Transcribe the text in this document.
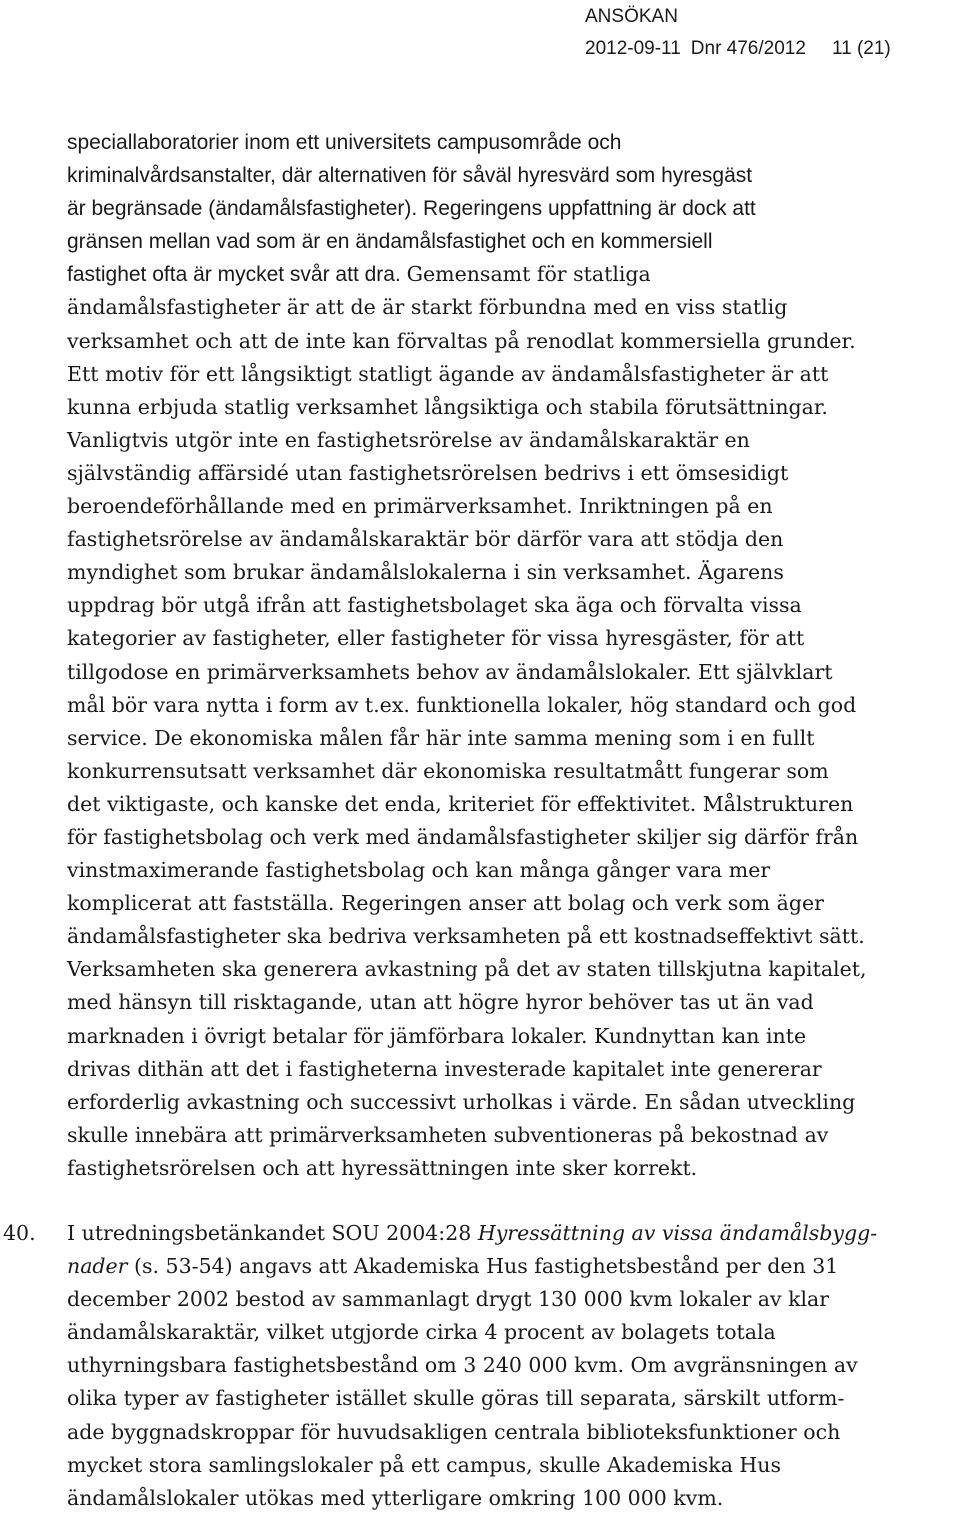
ANSÖKAN
2012-09-11 Dnr 476/2012 11 (21)

speciallaboratorier inom ett universitets campusområde och
kriminalvårdsanstalter, där alternativen för såväl hyresvärd som hyresgäst
är begränsade (ändamålsfastigheter). Regeringens uppfattning är dock att
gränsen mellan vad som är en ändamålsfastighet och en kommersiell
fastighet ofta är mycket svår att dra. Gemensamt för statliga
ändamålsfastigheter är att de är starkt förbundna med en viss statlig
verksamhet och att de inte kan förvaltas på renodlat kommersiella grunder.
Ett motiv för ett långsiktigt statligt ägande av ändamålsfastigheter är att
kunna erbjuda statlig verksamhet långsiktiga och stabila förutsättningar.
Vanligtvis utgör inte en fastighetsrörelse av ändamålskaraktär en
självständig affärsidé utan fastighetsrörelsen bedrivs i ett ömsesidigt
beroendeförhållande med en primärverksamhet. Inriktningen på en
fastighetsrörelse av ändamålskaraktär bör därför vara att stödja den
myndighet som brukar ändamålslokalerna i sin verksamhet. Ägarens
uppdrag bör utgå ifrån att fastighetsbolaget ska äga och förvalta vissa
kategorier av fastigheter, eller fastigheter för vissa hyresgäster, för att
tillgodose en primärverksamhets behov av ändamålslokaler. Ett självklart
mål bör vara nytta i form av t.ex. funktionella lokaler, hög standard och god
service. De ekonomiska målen får här inte samma mening som i en fullt
konkurrensutsatt verksamhet där ekonomiska resultatmått fungerar som
det viktigaste, och kanske det enda, kriteriet för effektivitet. Målstrukturen
för fastighetsbolag och verk med ändamålsfastigheter skiljer sig därför från
vinstmaximerande fastighetsbolag och kan många gånger vara mer
komplicerat att fastställa. Regeringen anser att bolag och verk som äger
ändamålsfastigheter ska bedriva verksamheten på ett kostnadseffektivt sätt.
Verksamheten ska generera avkastning på det av staten tillskjutna kapitalet,
med hänsyn till risktagande, utan att högre hyror behöver tas ut än vad
marknaden i övrigt betalar för jämförbara lokaler. Kundnyttan kan inte
drivas dithän att det i fastigheterna investerade kapitalet inte genererar
erforderlig avkastning och successivt urholkas i värde. En sådan utveckling
skulle innebära att primärverksamheten subventioneras på bekostnad av
fastighetsrörelsen och att hyressättningen inte sker korrekt.

40. I utredningsbetänkandet SOU 2004:28 Hyressättning av vissa ändamålsbygg-
nader (s. 53-54) angavs att Akademiska Hus fastighetsbestånd per den 31
december 2002 bestod av sammanlagt drygt 130 000 kvm lokaler av klar
ändamålskaraktär, vilket utgjorde cirka 4 procent av bolagets totala
uthyrningsbara fastighetsbestånd om 3 240 000 kvm. Om avgränsningen av
olika typer av fastigheter istället skulle göras till separata, särskilt utform-
ade byggnadskroppar för huvudsakligen centrala biblioteksfunktioner och
mycket stora samlingslokaler på ett campus, skulle Akademiska Hus
ändamålslokaler utökas med ytterligare omkring 100 000 kvm.
